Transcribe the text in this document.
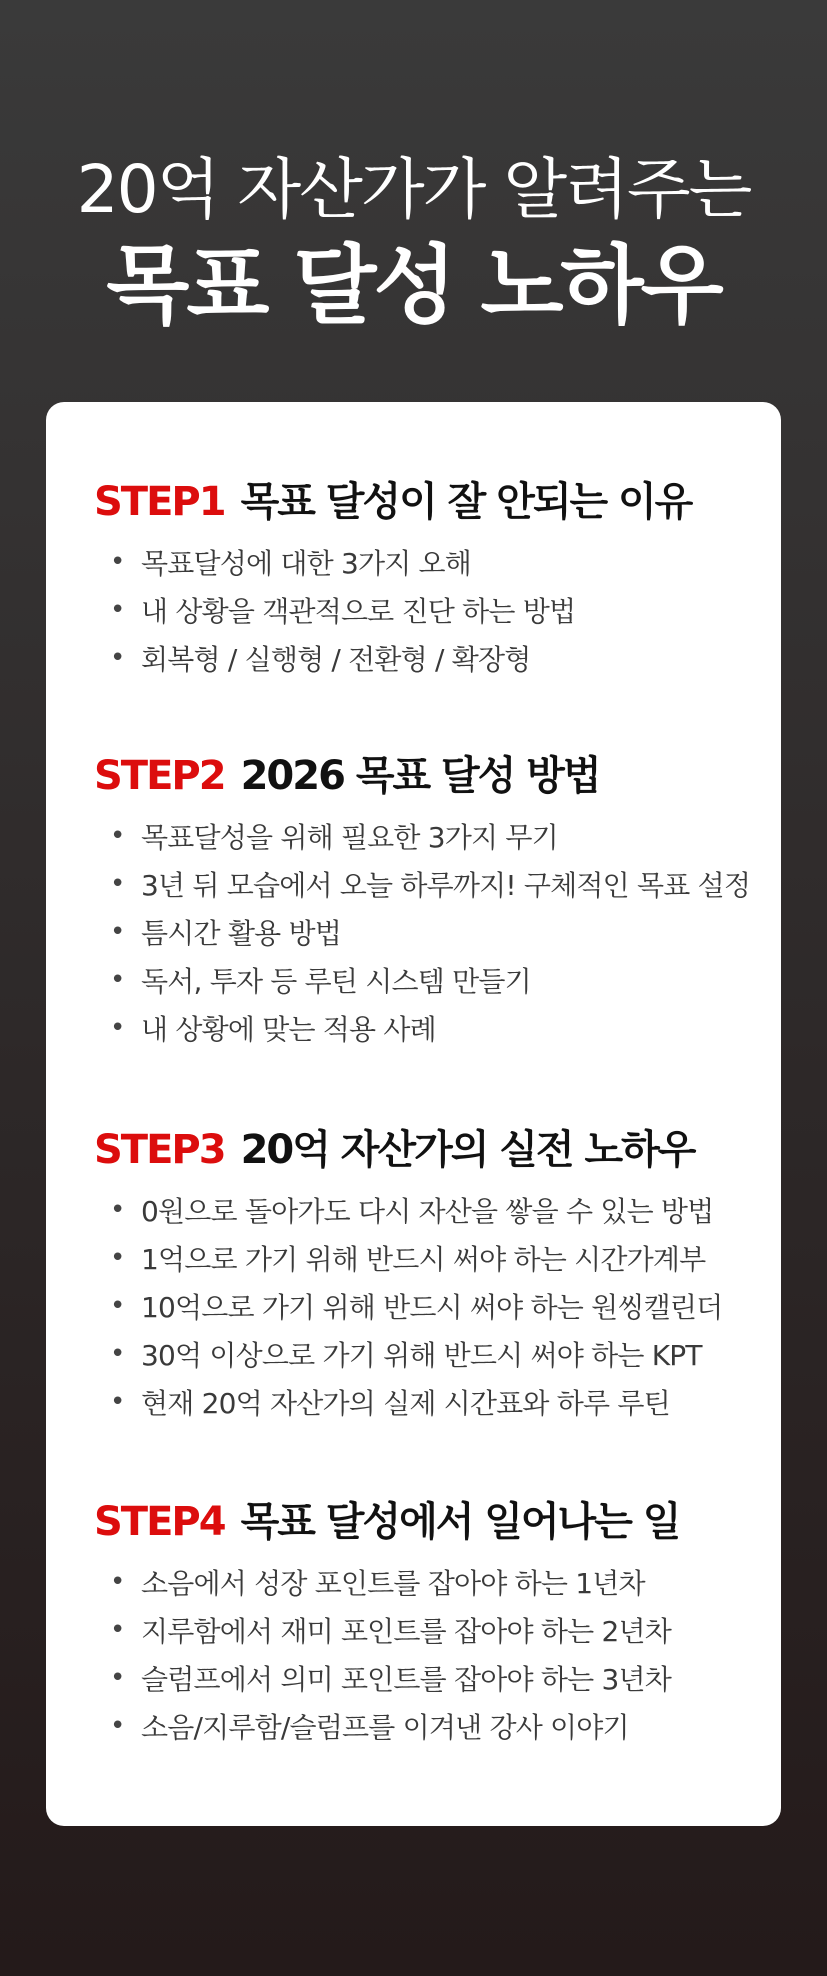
20억 자산가가 알려주는
목표 달성 노하우
STEP1 목표 달성이 잘 안되는 이유
• 목표달성에 대한 3가지 오해
• 내 상황을 객관적으로 진단 하는 방법
• 회복형 / 실행형 / 전환형 / 확장형
STEP2 2026 목표 달성 방법
• 목표달성을 위해 필요한 3가지 무기
• 3년 뒤 모습에서 오늘 하루까지! 구체적인 목표 설정
• 틈시간 활용 방법
• 독서, 투자 등 루틴 시스템 만들기
• 내 상황에 맞는 적용 사례
STEP3 20억 자산가의 실전 노하우
• 0원으로 돌아가도 다시 자산을 쌓을 수 있는 방법
• 1억으로 가기 위해 반드시 써야 하는 시간가계부
• 10억으로 가기 위해 반드시 써야 하는 원씽캘린더
• 30억 이상으로 가기 위해 반드시 써야 하는 KPT
• 현재 20억 자산가의 실제 시간표와 하루 루틴
STEP4 목표 달성에서 일어나는 일
• 소음에서 성장 포인트를 잡아야 하는 1년차
• 지루함에서 재미 포인트를 잡아야 하는 2년차
• 슬럼프에서 의미 포인트를 잡아야 하는 3년차
• 소음/지루함/슬럼프를 이겨낸 강사 이야기
